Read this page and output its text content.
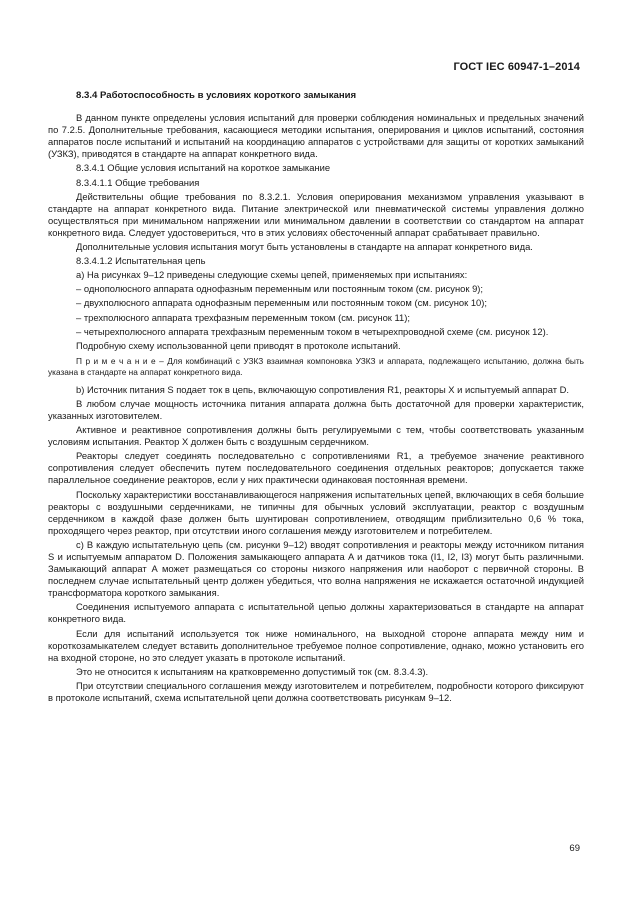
ГОСТ IEC 60947-1–2014

8.3.4 Работоспособность в условиях короткого замыкания

В данном пункте определены условия испытаний для проверки соблюдения номинальных и предельных значений по 7.2.5. Дополнительные требования, касающиеся методики испытания, оперирования и циклов испытаний, состояния аппаратов после испытаний и испытаний на координацию аппаратов с устройствами для защиты от коротких замыканий (УЗКЗ), приводятся в стандарте на аппарат конкретного вида.

8.3.4.1 Общие условия испытаний на короткое замыкание

8.3.4.1.1 Общие требования

Действительны общие требования по 8.3.2.1. Условия оперирования механизмом управления указывают в стандарте на аппарат конкретного вида. Питание электрической или пневматической системы управления должно осуществляться при минимальном напряжении или минимальном давлении в соответствии со стандартом на аппарат конкретного вида. Следует удостовериться, что в этих условиях обесточенный аппарат срабатывает правильно.

Дополнительные условия испытания могут быть установлены в стандарте на аппарат конкретного вида.

8.3.4.1.2 Испытательная цепь

а) На рисунках 9–12 приведены следующие схемы цепей, применяемых при испытаниях:

– однополюсного аппарата однофазным переменным или постоянным током (см. рисунок 9);

– двухполюсного аппарата однофазным переменным или постоянным током (см. рисунок 10);

– трехполюсного аппарата трехфазным переменным током (см. рисунок 11);

– четырехполюсного аппарата трехфазным переменным током в четырехпроводной схеме (см. рисунок 12).

Подробную схему использованной цепи приводят в протоколе испытаний.

П р и м е ч а н и е – Для комбинаций с УЗКЗ взаимная компоновка УЗКЗ и аппарата, подлежащего испытанию, должна быть указана в стандарте на аппарат конкретного вида.

b) Источник питания S подает ток в цепь, включающую сопротивления R1, реакторы X и испытуемый аппарат D.

В любом случае мощность источника питания аппарата должна быть достаточной для проверки характеристик, указанных изготовителем.

Активное и реактивное сопротивления должны быть регулируемыми с тем, чтобы соответствовать указанным условиям испытания. Реактор X должен быть с воздушным сердечником.

Реакторы следует соединять последовательно с сопротивлениями R1, а требуемое значение реактивного сопротивления следует обеспечить путем последовательного соединения отдельных реакторов; допускается также параллельное соединение реакторов, если у них практически одинаковая постоянная времени.

Поскольку характеристики восстанавливающегося напряжения испытательных цепей, включающих в себя большие реакторы с воздушными сердечниками, не типичны для обычных условий эксплуатации, реактор с воздушным сердечником в каждой фазе должен быть шунтирован сопротивлением, отводящим приблизительно 0,6 % тока, проходящего через реактор, при отсутствии иного соглашения между изготовителем и потребителем.

с) В каждую испытательную цепь (см. рисунки 9–12) вводят сопротивления и реакторы между источником питания S и испытуемым аппаратом D. Положения замыкающего аппарата A и датчиков тока (I1, I2, I3) могут быть различными. Замыкающий аппарат A может размещаться со стороны низкого напряжения или наоборот с первичной стороны. В последнем случае испытательный центр должен убедиться, что волна напряжения не искажается остаточной индукцией трансформатора короткого замыкания.

Соединения испытуемого аппарата с испытательной цепью должны характеризоваться в стандарте на аппарат конкретного вида.

Если для испытаний используется ток ниже номинального, на выходной стороне аппарата между ним и короткозамыкателем следует вставить дополнительное требуемое полное сопротивление, однако, можно установить его на входной стороне, но это следует указать в протоколе испытаний.

Это не относится к испытаниям на кратковременно допустимый ток (см. 8.3.4.3).

При отсутствии специального соглашения между изготовителем и потребителем, подробности которого фиксируют в протоколе испытаний, схема испытательной цепи должна соответствовать рисункам 9–12.

69
